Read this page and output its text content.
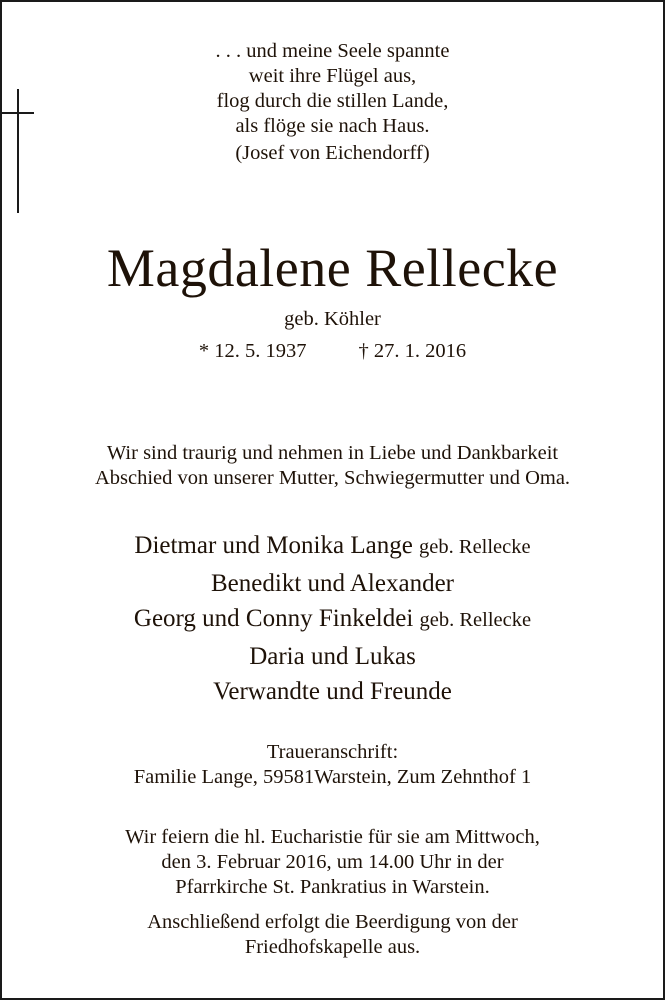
. . . und meine Seele spannte
weit ihre Flügel aus,
flog durch die stillen Lande,
als flöge sie nach Haus.
(Josef von Eichendorff)
Magdalene Rellecke
geb. Köhler
* 12. 5. 1937	† 27. 1. 2016
Wir sind traurig und nehmen in Liebe und Dankbarkeit
Abschied von unserer Mutter, Schwiegermutter und Oma.
Dietmar und Monika Lange geb. Rellecke
Benedikt und Alexander
Georg und Conny Finkeldei geb. Rellecke
Daria und Lukas
Verwandte und Freunde
Traueranschrift:
Familie Lange, 59581Warstein, Zum Zehnthof 1
Wir feiern die hl. Eucharistie für sie am Mittwoch,
den 3. Februar 2016, um 14.00 Uhr in der
Pfarrkirche St. Pankratius in Warstein.
Anschließend erfolgt die Beerdigung von der
Friedhofskapelle aus.
